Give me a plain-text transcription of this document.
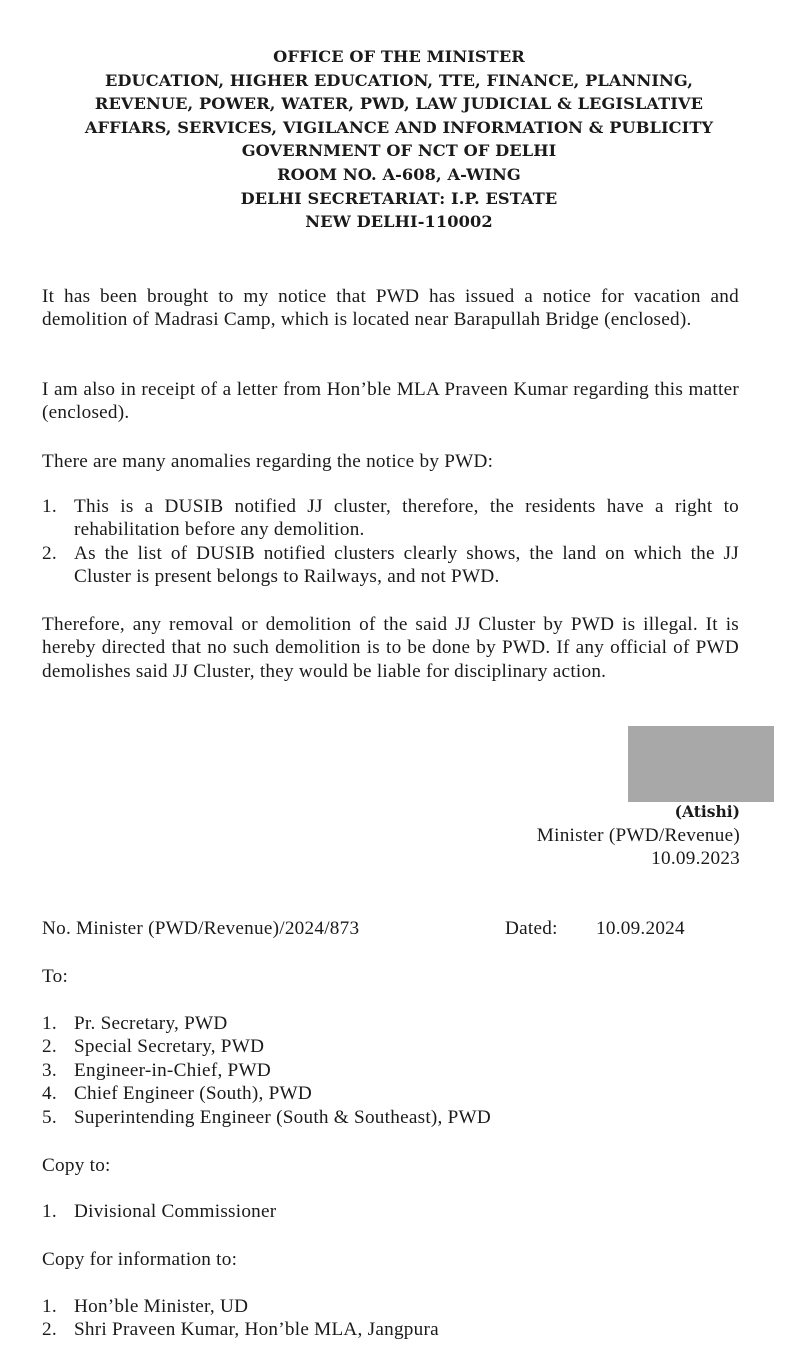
OFFICE OF THE MINISTER
EDUCATION, HIGHER EDUCATION, TTE, FINANCE, PLANNING,
REVENUE, POWER, WATER, PWD, LAW JUDICIAL & LEGISLATIVE
AFFIARS, SERVICES, VIGILANCE AND INFORMATION & PUBLICITY
GOVERNMENT OF NCT OF DELHI
ROOM NO. A-608, A-WING
DELHI SECRETARIAT: I.P. ESTATE
NEW DELHI-110002

It has been brought to my notice that PWD has issued a notice for vacation and demolition of Madrasi Camp, which is located near Barapullah Bridge (enclosed).

I am also in receipt of a letter from Hon’ble MLA Praveen Kumar regarding this matter (enclosed).

There are many anomalies regarding the notice by PWD:

1. This is a DUSIB notified JJ cluster, therefore, the residents have a right to rehabilitation before any demolition.
2. As the list of DUSIB notified clusters clearly shows, the land on which the JJ Cluster is present belongs to Railways, and not PWD.

Therefore, any removal or demolition of the said JJ Cluster by PWD is illegal. It is hereby directed that no such demolition is to be done by PWD. If any official of PWD demolishes said JJ Cluster, they would be liable for disciplinary action.

(Atishi)
Minister (PWD/Revenue)
10.09.2023
No. Minister (PWD/Revenue)/2024/873	Dated: 10.09.2024
To:
1. Pr. Secretary, PWD
2. Special Secretary, PWD
3. Engineer-in-Chief, PWD
4. Chief Engineer (South), PWD
5. Superintending Engineer (South & Southeast), PWD
Copy to:
1. Divisional Commissioner
Copy for information to:
1. Hon’ble Minister, UD
2. Shri Praveen Kumar, Hon’ble MLA, Jangpura
